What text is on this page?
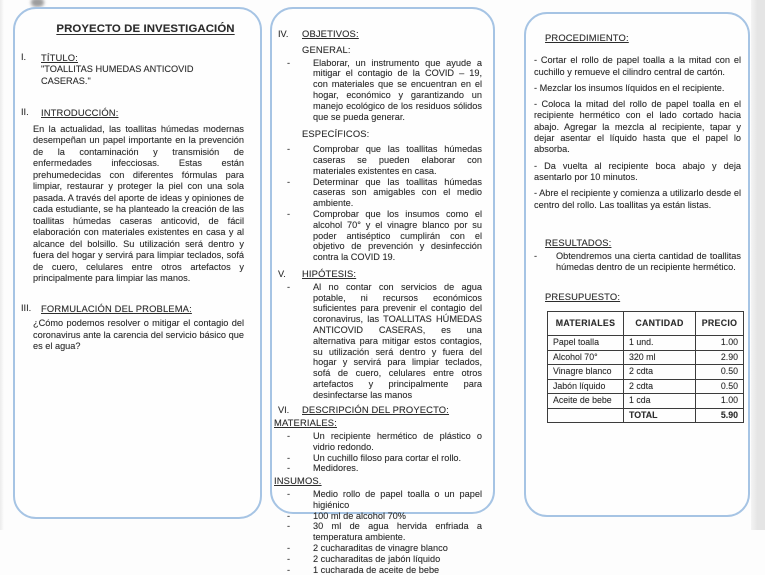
PROYECTO DE INVESTIGACIÓN
I.	TÍTULO:
"TOALLITAS HUMEDAS ANTICOVID CASERAS."
II.	INTRODUCCIÓN:

En la actualidad, las toallitas húmedas modernas desempeñan un papel importante en la prevención de la contaminación y transmisión de enfermedades infecciosas. Estas están prehumedecidas con diferentes fórmulas para limpiar, restaurar y proteger la piel con una sola pasada. A través del aporte de ideas y opiniones de cada estudiante, se ha planteado la creación de las toallitas húmedas caseras anticovid, de fácil elaboración con materiales existentes en casa y al alcance del bolsillo. Su utilización será dentro y fuera del hogar y servirá para limpiar teclados, sofá de cuero, celulares entre otros artefactos y principalmente para limpiar las manos.

III.	FORMULACIÓN DEL PROBLEMA:

¿Cómo podemos resolver o mitigar el contagio del coronavirus ante la carencia del servicio básico que es el agua?

IV.	OBJETIVOS:
GENERAL:
-
Elaborar, un instrumento que ayude a mitigar el contagio de la COVID – 19, con materiales que se encuentran en el hogar, económico y garantizando un manejo ecológico de los residuos sólidos que se pueda generar.
ESPECÍFICOS:
-
Comprobar que las toallitas húmedas caseras se pueden elaborar con materiales existentes en casa.
-
Determinar que las toallitas húmedas caseras son amigables con el medio ambiente.
-
Comprobar que los insumos como el alcohol 70° y el vinagre blanco por su poder antiséptico cumplirán con el objetivo de prevención y desinfección contra la COVID 19.
V.	HIPÓTESIS:
-
Al no contar con servicios de agua potable, ni recursos económicos suficientes para prevenir el contagio del coronavirus, las TOALLITAS HÚMEDAS ANTICOVID CASERAS, es una alternativa para mitigar estos contagios, su utilización será dentro y fuera del hogar y servirá para limpiar teclados, sofá de cuero, celulares entre otros artefactos y principalmente para desinfectarse las manos
VI.	DESCRIPCIÓN DEL PROYECTO:
MATERIALES:
-
Un recipiente hermético de plástico o vidrio redondo.
-
Un cuchillo filoso para cortar el rollo.
-
Medidores.
INSUMOS.
-
Medio rollo de papel toalla o un papel higiénico
-
100 ml de alcohol 70%
-
30 ml de agua hervida enfriada a temperatura ambiente.
-
2 cucharaditas de vinagre blanco
-
2 cucharaditas de jabón líquido
-
1 cucharada de aceite de bebe
PROCEDIMIENTO:

- Cortar el rollo de papel toalla a la mitad con el cuchillo y remueve el cilindro central de cartón.

- Mezclar los insumos líquidos en el recipiente.

- Coloca la mitad del rollo de papel toalla en el recipiente hermético con el lado cortado hacia abajo. Agregar la mezcla al recipiente, tapar y dejar asentar el líquido hasta que el papel lo absorba.

- Da vuelta al recipiente boca abajo y deja asentarlo por 10 minutos.

- Abre el recipiente y comienza a utilizarlo desde el centro del rollo. Las toallitas ya están listas.

RESULTADOS:
-
Obtendremos una cierta cantidad de toallitas húmedas dentro de un recipiente hermético.
PRESUPUESTO:
MATERIALES	CANTIDAD	PRECIO
Papel toalla	1 und.	1.00
Alcohol 70°	320 ml	2.90
Vinagre blanco	2 cdta	0.50
Jabón líquido	2 cdta	0.50
Aceite de bebe	1 cda	1.00
	TOTAL	5.90
